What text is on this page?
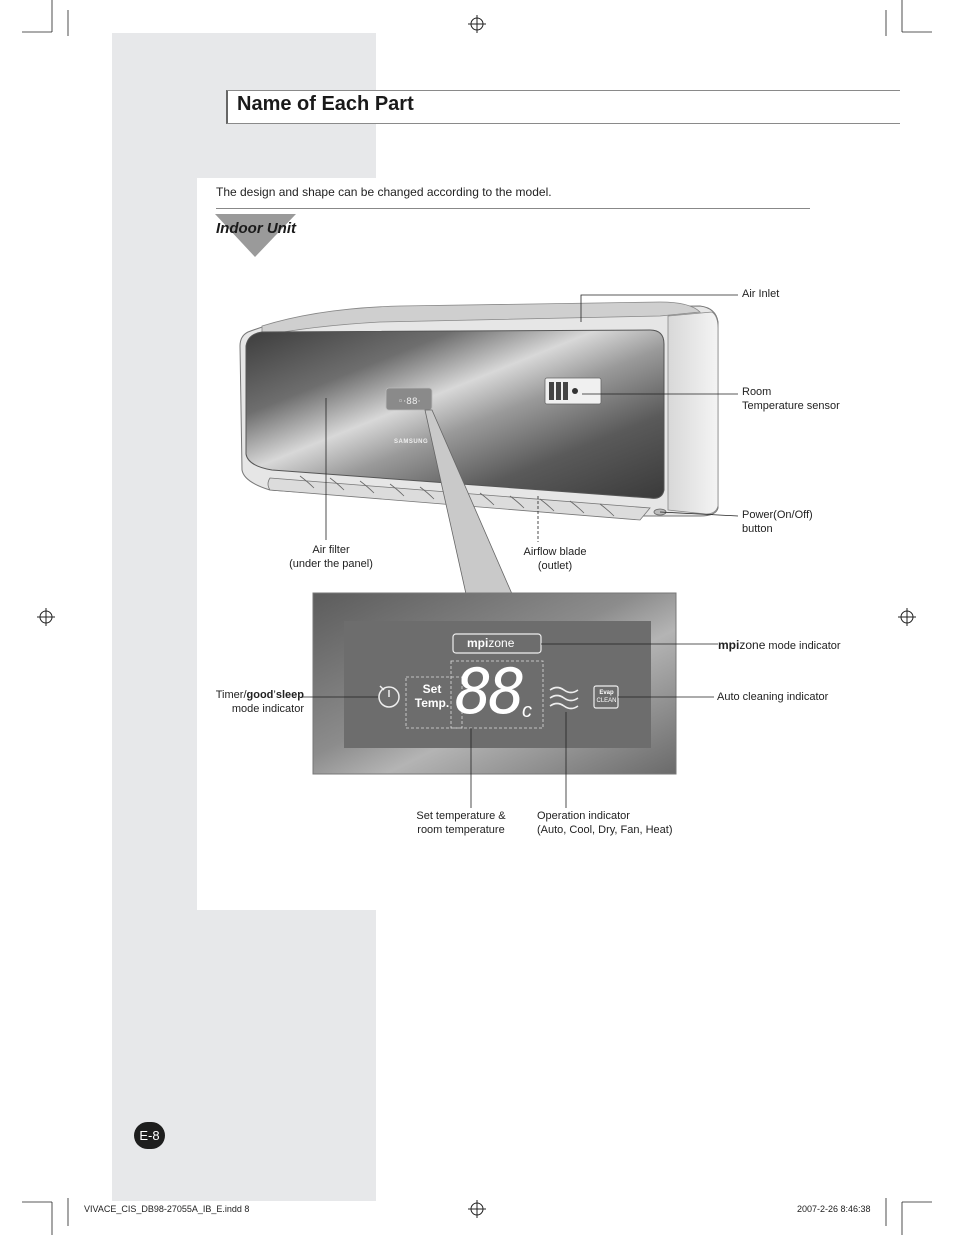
Name of Each Part
The design and shape can be changed according to the model.
◦·88·
Indoor Unit
SAMSUNG
Air Inlet
Room
Temperature sensor
Power(On/Off)
button
Air filter
(under the panel)
Airflow blade
(outlet)
mpizone
Set
Temp. 88 c
Evap
CLEAN
mpizone mode indicator
Auto cleaning indicator
Timer/good’sleep
mode indicator
Set temperature &
room temperature
Operation indicator
(Auto, Cool, Dry, Fan, Heat)
E-8
VIVACE_CIS_DB98-27055A_IB_E.indd 8	2007-2-26 8:46:38
